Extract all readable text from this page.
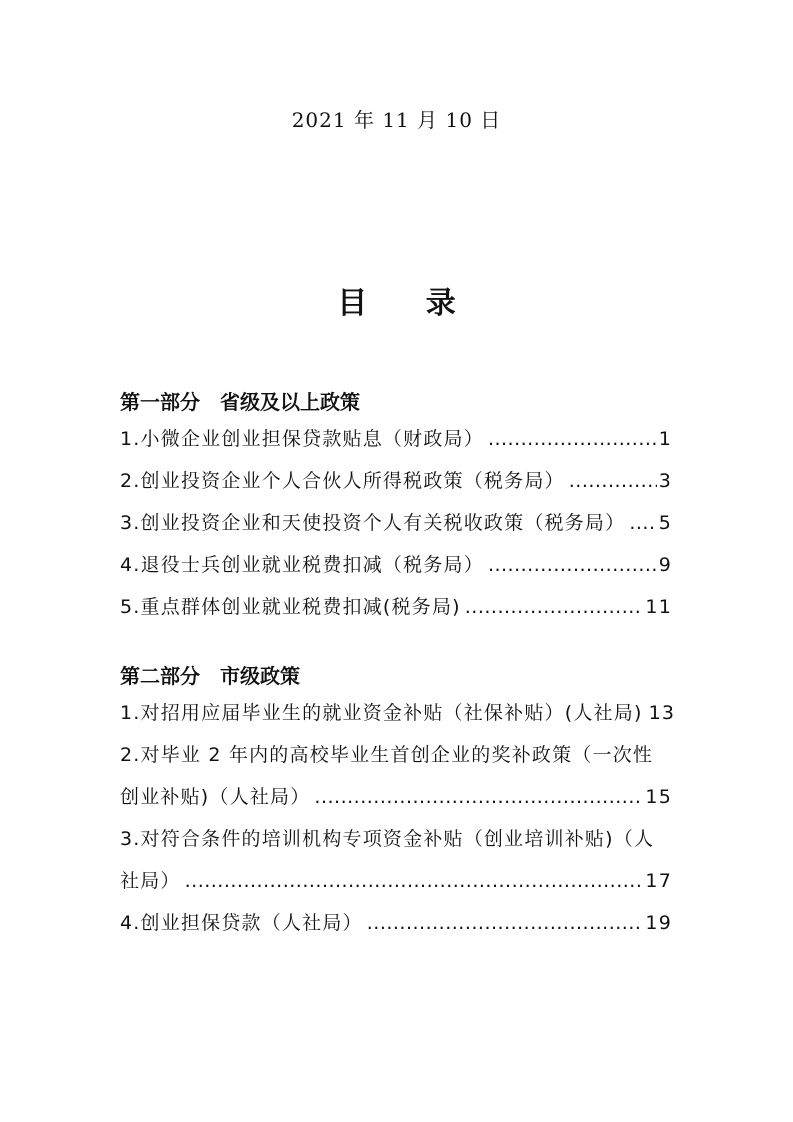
2021 年 11 月 10 日
目 录
第一部分　省级及以上政策
1.小微企业创业担保贷款贴息（财政局） .....	1
2.创业投资企业个人合伙人所得税政策（税务局） .....	3
3.创业投资企业和天使投资个人有关税收政策（税务局） ..... 5
4.退役士兵创业就业税费扣减（税务局） .....	9
5.重点群体创业就业税费扣减(税务局) .....	11
第二部分　市级政策
1.对招用应届毕业生的就业资金补贴（社保补贴）(人社局) 13
2.对毕业 2 年内的高校毕业生首创企业的奖补政策（一次性
创业补贴)（人社局） .....	15
3.对符合条件的培训机构专项资金补贴（创业培训补贴)（人
社局） .....	17
4.创业担保贷款（人社局） .....	19
